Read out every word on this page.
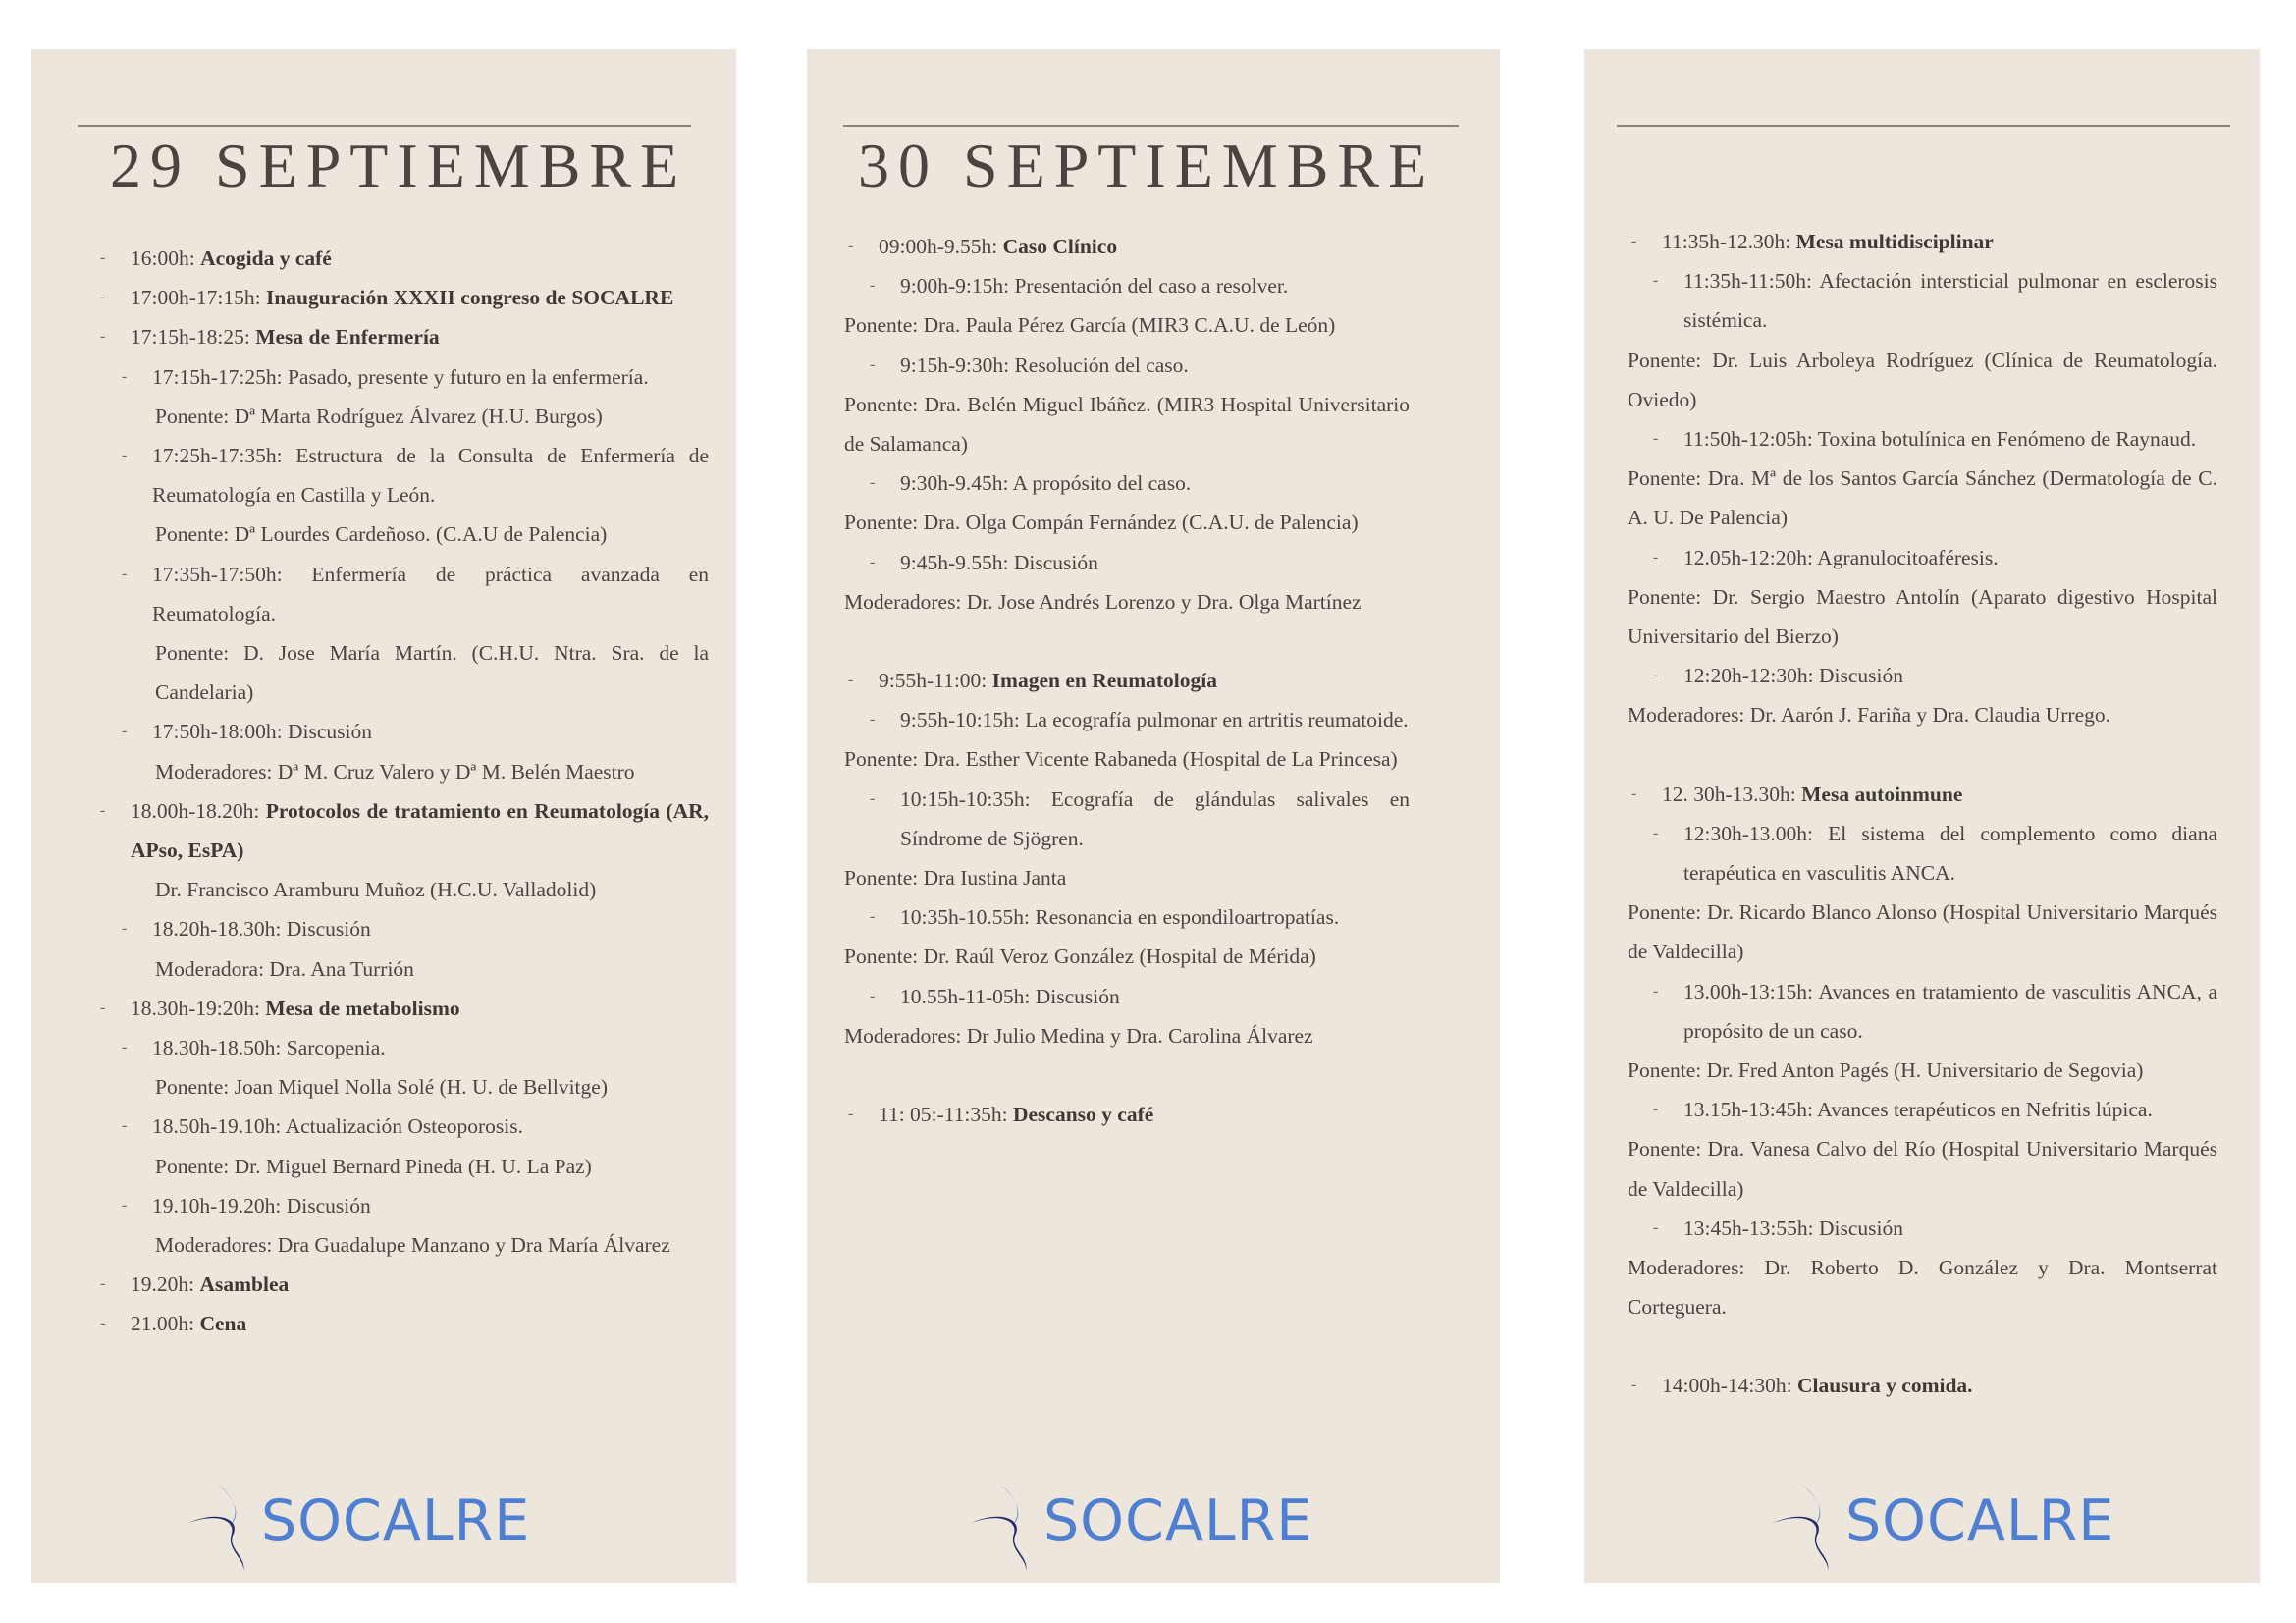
29 SEPTIEMBRE
- 16:00h: Acogida y café
- 17:00h-17:15h: Inauguración XXXII congreso de SOCALRE
- 17:15h-18:25: Mesa de Enfermería
- 17:15h-17:25h: Pasado, presente y futuro en la enfermería.
Ponente: Dª Marta Rodríguez Álvarez (H.U. Burgos)
- 17:25h-17:35h: Estructura de la Consulta de Enfermería de Reumatología en Castilla y León.
Ponente: Dª Lourdes Cardeñoso. (C.A.U de Palencia)
- 17:35h-17:50h: Enfermería de práctica avanzada en Reumatología.
Ponente: D. Jose María Martín. (C.H.U. Ntra. Sra. de la Candelaria)
- 17:50h-18:00h: Discusión
Moderadores: Dª M. Cruz Valero y Dª M. Belén Maestro
- 18.00h-18.20h: Protocolos de tratamiento en Reumatología (AR, APso, EsPA)
Dr. Francisco Aramburu Muñoz (H.C.U. Valladolid)
- 18.20h-18.30h: Discusión
Moderadora: Dra. Ana Turrión
- 18.30h-19:20h: Mesa de metabolismo
- 18.30h-18.50h: Sarcopenia.
Ponente: Joan Miquel Nolla Solé (H. U. de Bellvitge)
- 18.50h-19.10h: Actualización Osteoporosis.
Ponente: Dr. Miguel Bernard Pineda (H. U. La Paz)
- 19.10h-19.20h: Discusión
Moderadores: Dra Guadalupe Manzano y Dra María Álvarez
- 19.20h: Asamblea
- 21.00h: Cena
SOCALRE
30 SEPTIEMBRE
- 09:00h-9.55h: Caso Clínico
- 9:00h-9:15h: Presentación del caso a resolver.
Ponente: Dra. Paula Pérez García (MIR3 C.A.U. de León)
- 9:15h-9:30h: Resolución del caso.
Ponente: Dra. Belén Miguel Ibáñez. (MIR3 Hospital Universitario de Salamanca)
- 9:30h-9.45h: A propósito del caso.
Ponente: Dra. Olga Compán Fernández (C.A.U. de Palencia)
- 9:45h-9.55h: Discusión
Moderadores: Dr. Jose Andrés Lorenzo y Dra. Olga Martínez
- 9:55h-11:00: Imagen en Reumatología
- 9:55h-10:15h: La ecografía pulmonar en artritis reumatoide.
Ponente: Dra. Esther Vicente Rabaneda (Hospital de La Princesa)
- 10:15h-10:35h: Ecografía de glándulas salivales en Síndrome de Sjögren.
Ponente: Dra Iustina Janta
- 10:35h-10.55h: Resonancia en espondiloartropatías.
Ponente: Dr. Raúl Veroz González (Hospital de Mérida)
- 10.55h-11-05h: Discusión
Moderadores: Dr Julio Medina y Dra. Carolina Álvarez
- 11: 05:-11:35h: Descanso y café
SOCALRE
- 11:35h-12.30h: Mesa multidisciplinar
- 11:35h-11:50h: Afectación intersticial pulmonar en esclerosis sistémica.
Ponente: Dr. Luis Arboleya Rodríguez (Clínica de Reumatología. Oviedo)
- 11:50h-12:05h: Toxina botulínica en Fenómeno de Raynaud.
Ponente: Dra. Mª de los Santos García Sánchez (Dermatología de C. A. U. De Palencia)
- 12.05h-12:20h: Agranulocitoaféresis.
Ponente: Dr. Sergio Maestro Antolín (Aparato digestivo Hospital Universitario del Bierzo)
- 12:20h-12:30h: Discusión
Moderadores: Dr. Aarón J. Fariña y Dra. Claudia Urrego.
- 12. 30h-13.30h: Mesa autoinmune
- 12:30h-13.00h: El sistema del complemento como diana terapéutica en vasculitis ANCA.
Ponente: Dr. Ricardo Blanco Alonso (Hospital Universitario Marqués de Valdecilla)
- 13.00h-13:15h: Avances en tratamiento de vasculitis ANCA, a propósito de un caso.
Ponente: Dr. Fred Anton Pagés (H. Universitario de Segovia)
- 13.15h-13:45h: Avances terapéuticos en Nefritis lúpica.
Ponente: Dra. Vanesa Calvo del Río (Hospital Universitario Marqués de Valdecilla)
- 13:45h-13:55h: Discusión
Moderadores: Dr. Roberto D. González y Dra. Montserrat Corteguera.
- 14:00h-14:30h: Clausura y comida.
SOCALRE
